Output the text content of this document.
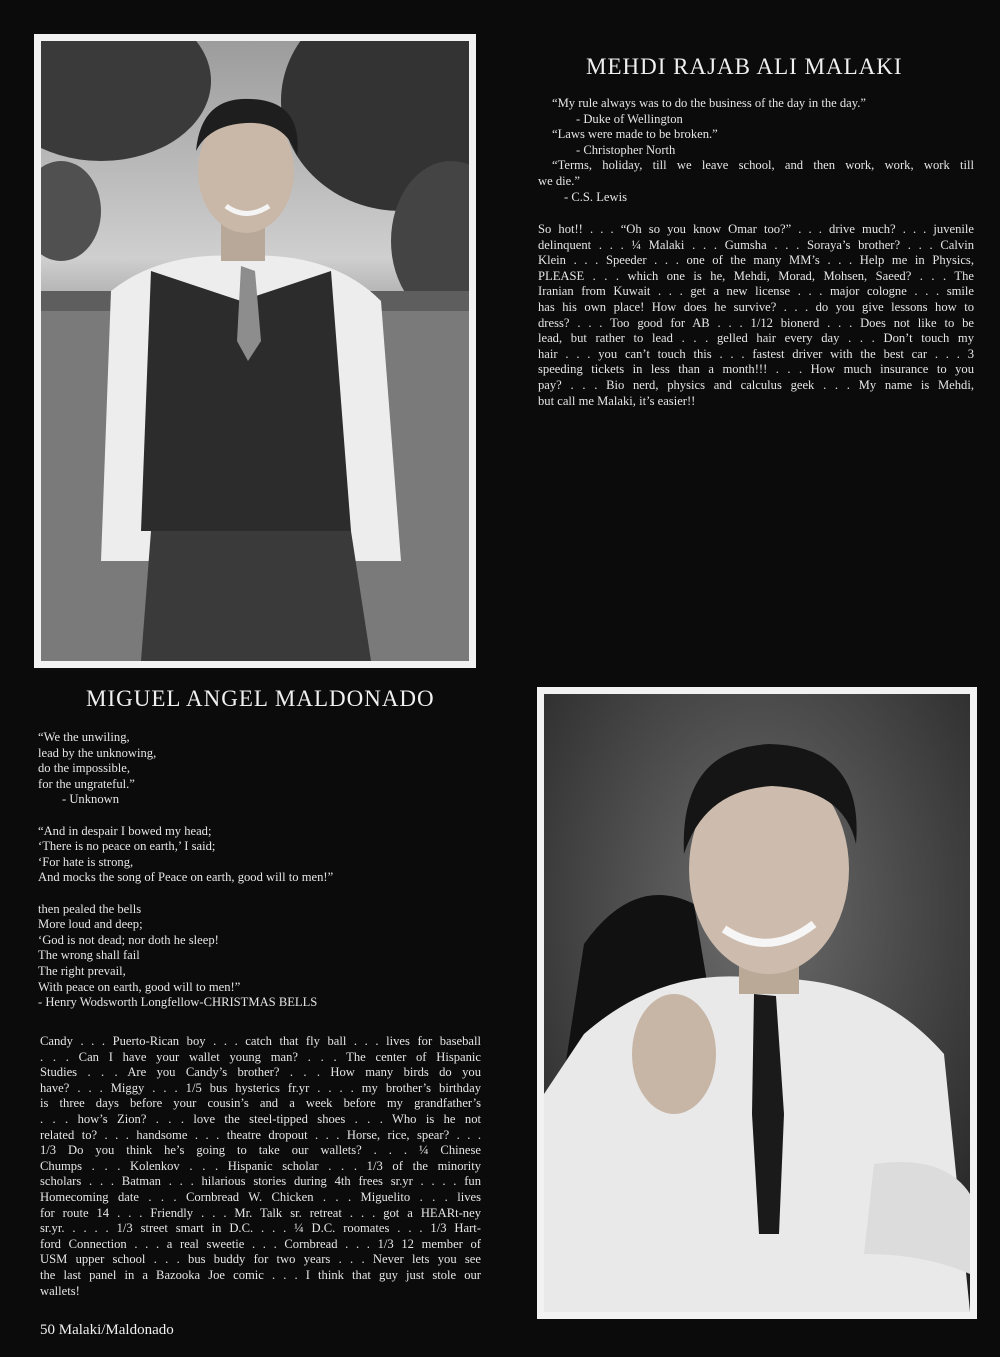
MEHDI RAJAB ALI MALAKI
“My rule always was to do the business of the day in the day.”
- Duke of Wellington
“Laws were made to be broken.”
- Christopher North
“Terms, holiday, till we leave school, and then work, work, work till
we die.”
- C.S. Lewis
So hot!! . . . “Oh so you know Omar too?” . . . drive much? . . . juvenile
delinquent . . . ¼ Malaki . . . Gumsha . . . Soraya’s brother? . . . Calvin
Klein . . . Speeder . . . one of the many MM’s . . . Help me in Physics,
PLEASE . . . which one is he, Mehdi, Morad, Mohsen, Saeed? . . . The
Iranian from Kuwait . . . get a new license . . . major cologne . . . smile
has his own place! How does he survive? . . . do you give lessons how to
dress? . . . Too good for AB . . . 1/12 bionerd . . . Does not like to be
lead, but rather to lead . . . gelled hair every day . . . Don’t touch my
hair . . . you can’t touch this . . . fastest driver with the best car . . . 3
speeding tickets in less than a month!!! . . . How much insurance to you
pay? . . . Bio nerd, physics and calculus geek . . . My name is Mehdi,
but call me Malaki, it’s easier!!
MIGUEL ANGEL MALDONADO
“We the unwiling,
lead by the unknowing,
do the impossible,
for the ungrateful.”
- Unknown
“And in despair I bowed my head;
‘There is no peace on earth,’ I said;
‘For hate is strong,
And mocks the song of Peace on earth, good will to men!”
then pealed the bells
More loud and deep;
‘God is not dead; nor doth he sleep!
The wrong shall fail
The right prevail,
With peace on earth, good will to men!”
- Henry Wodsworth Longfellow-CHRISTMAS BELLS
Candy . . . Puerto-Rican boy . . . catch that fly ball . . . lives for baseball
. . . Can I have your wallet young man? . . . The center of Hispanic
Studies . . . Are you Candy’s brother? . . . How many birds do you
have? . . . Miggy . . . 1/5 bus hysterics fr.yr . . . . my brother’s birthday
is three days before your cousin’s and a week before my grandfather’s
. . . how’s Zion? . . . love the steel-tipped shoes . . . Who is he not
related to? . . . handsome . . . theatre dropout . . . Horse, rice, spear? . . .
1/3 Do you think he’s going to take our wallets? . . . ¼ Chinese
Chumps . . . Kolenkov . . . Hispanic scholar . . . 1/3 of the minority
scholars . . . Batman . . . hilarious stories during 4th frees sr.yr . . . . fun
Homecoming date . . . Cornbread W. Chicken . . . Miguelito . . . lives
for route 14 . . . Friendly . . . Mr. Talk sr. retreat . . . got a HEARt-ney
sr.yr. . . . . 1/3 street smart in D.C. . . . ¼ D.C. roomates . . . 1/3 Hart-
ford Connection . . . a real sweetie . . . Cornbread . . . 1/3 12 member of
USM upper school . . . bus buddy for two years . . . Never lets you see
the last panel in a Bazooka Joe comic . . . I think that guy just stole our
wallets!
50 Malaki/Maldonado
